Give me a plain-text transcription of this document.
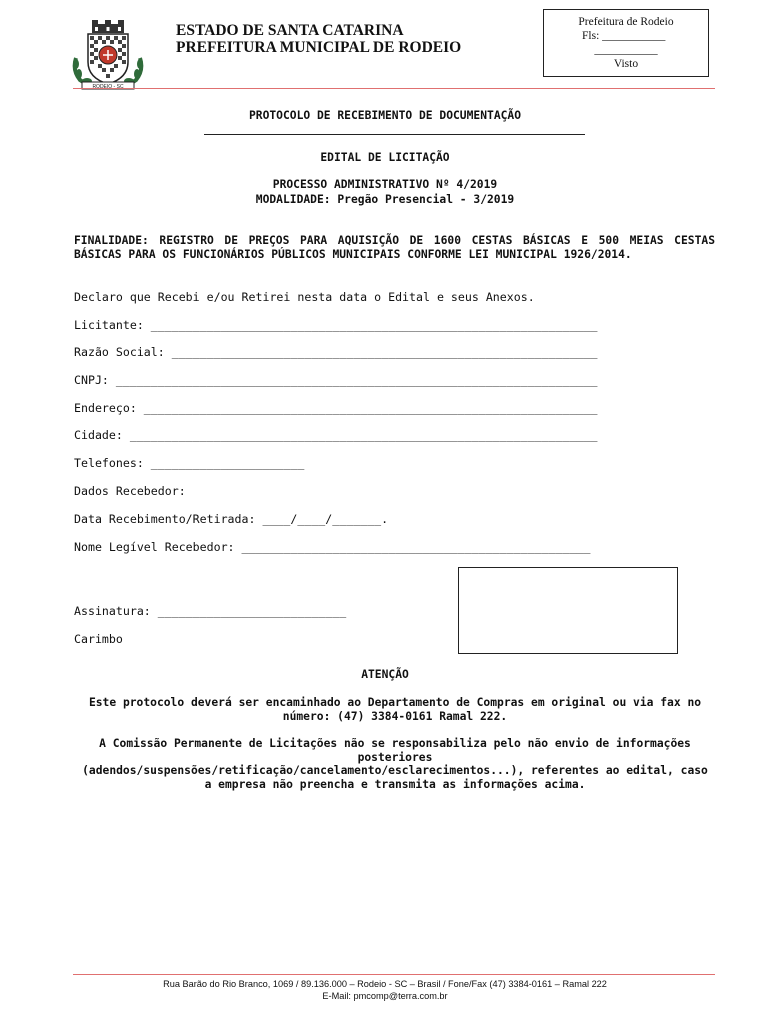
RODEIO - SC
ESTADO DE SANTA CATARINA
PREFEITURA MUNICIPAL DE RODEIO
Prefeitura de Rodeio
Fls: ___________
___________
Visto
PROTOCOLO DE RECEBIMENTO DE DOCUMENTAÇÃO
EDITAL DE LICITAÇÃO
PROCESSO ADMINISTRATIVO Nº 4/2019
MODALIDADE: Pregão Presencial - 3/2019
FINALIDADE: REGISTRO DE PREÇOS PARA AQUISIÇÃO DE 1600 CESTAS BÁSICAS E 500 MEIAS CESTAS BÁSICAS PARA OS FUNCIONÁRIOS PÚBLICOS MUNICIPAIS CONFORME LEI MUNICIPAL 1926/2014.
Declaro que Recebi e/ou Retirei nesta data o Edital e seus Anexos.
Licitante: ________________________________________________________________
Razão Social: _____________________________________________________________
CNPJ: _____________________________________________________________________
Endereço: _________________________________________________________________
Cidade: ___________________________________________________________________
Telefones: ______________________
Dados Recebedor:
Data Recebimento/Retirada: ____/____/_______.
Nome Legível Recebedor: __________________________________________________
Assinatura: ___________________________
Carimbo
ATENÇÃO
Este protocolo deverá ser encaminhado ao Departamento de Compras em original ou via fax no número: (47) 3384-0161 Ramal 222.
A Comissão Permanente de Licitações não se responsabiliza pelo não envio de informações posteriores
(adendos/suspensões/retificação/cancelamento/esclarecimentos...), referentes ao edital, caso a empresa não preencha e transmita as informações acima.
Rua Barão do Rio Branco, 1069 / 89.136.000 – Rodeio - SC – Brasil / Fone/Fax (47) 3384-0161 – Ramal 222
E-Mail: pmcomp@terra.com.br
